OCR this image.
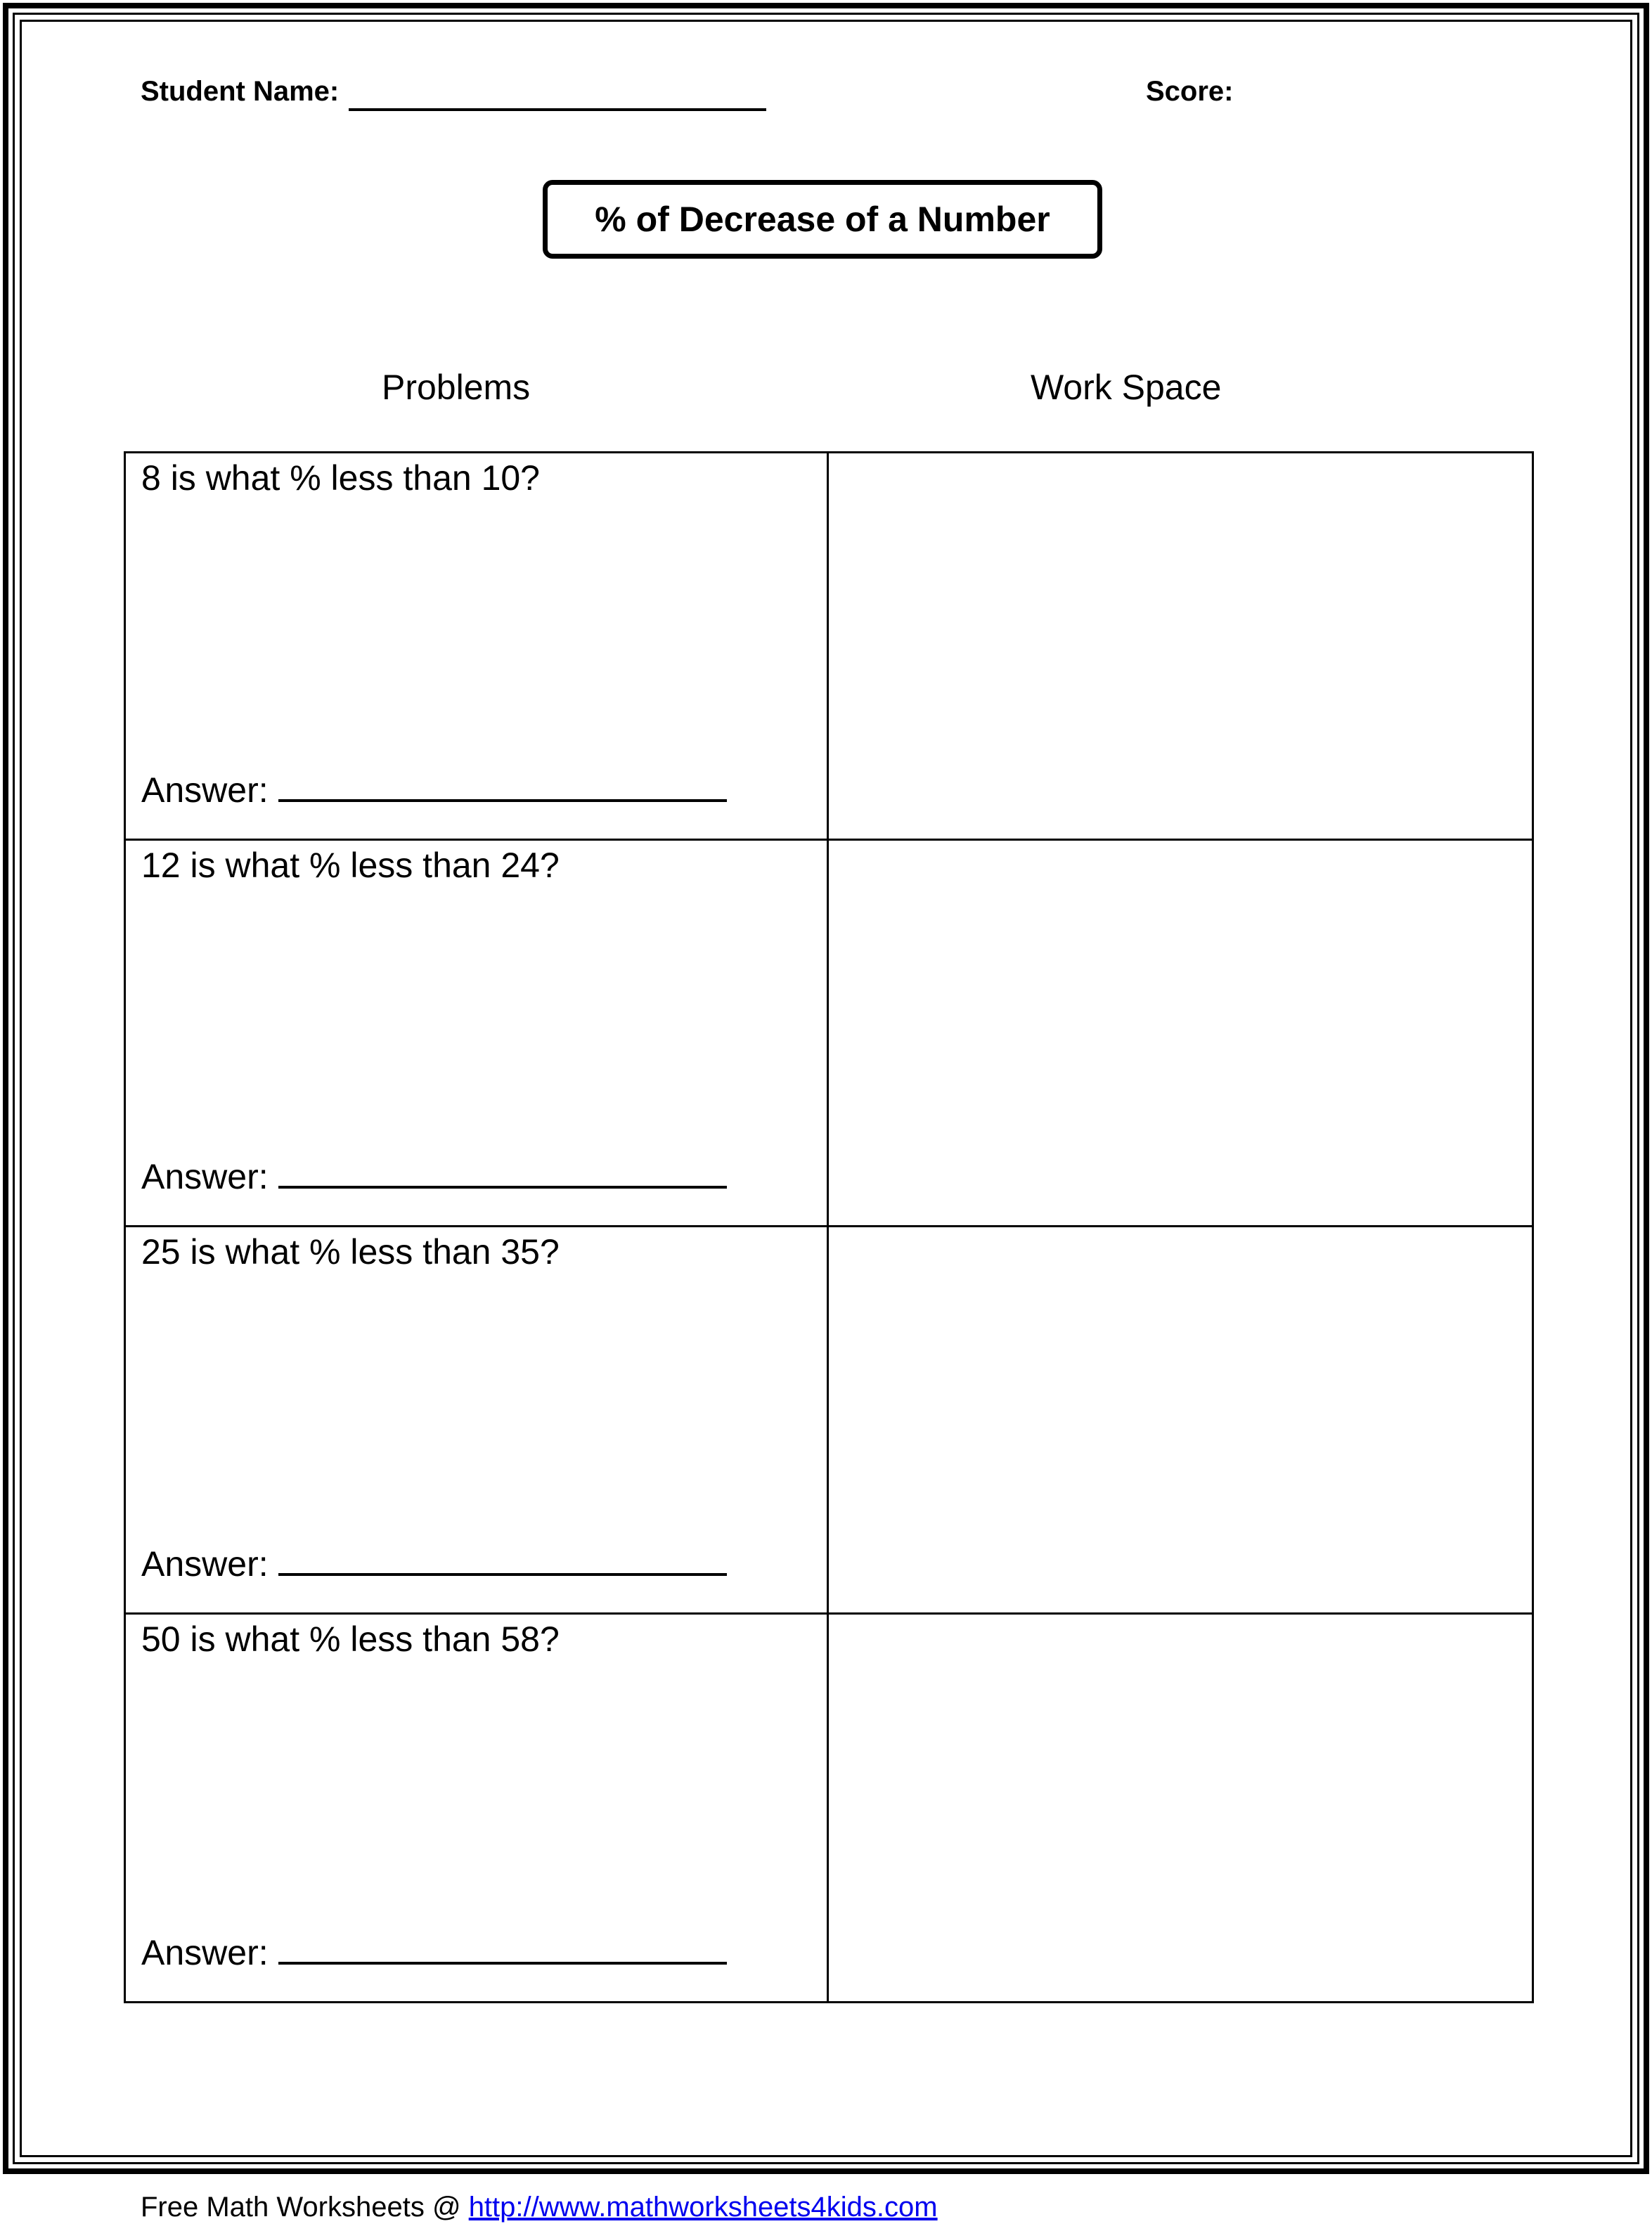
Student Name:	Score:
% of Decrease of a Number
Problems	Work Space
8 is what % less than 10?
Answer:
12 is what % less than 24?
Answer:
25 is what % less than 35?
Answer:
50 is what % less than 58?
Answer:
Free Math Worksheets @ http://www.mathworksheets4kids.com
